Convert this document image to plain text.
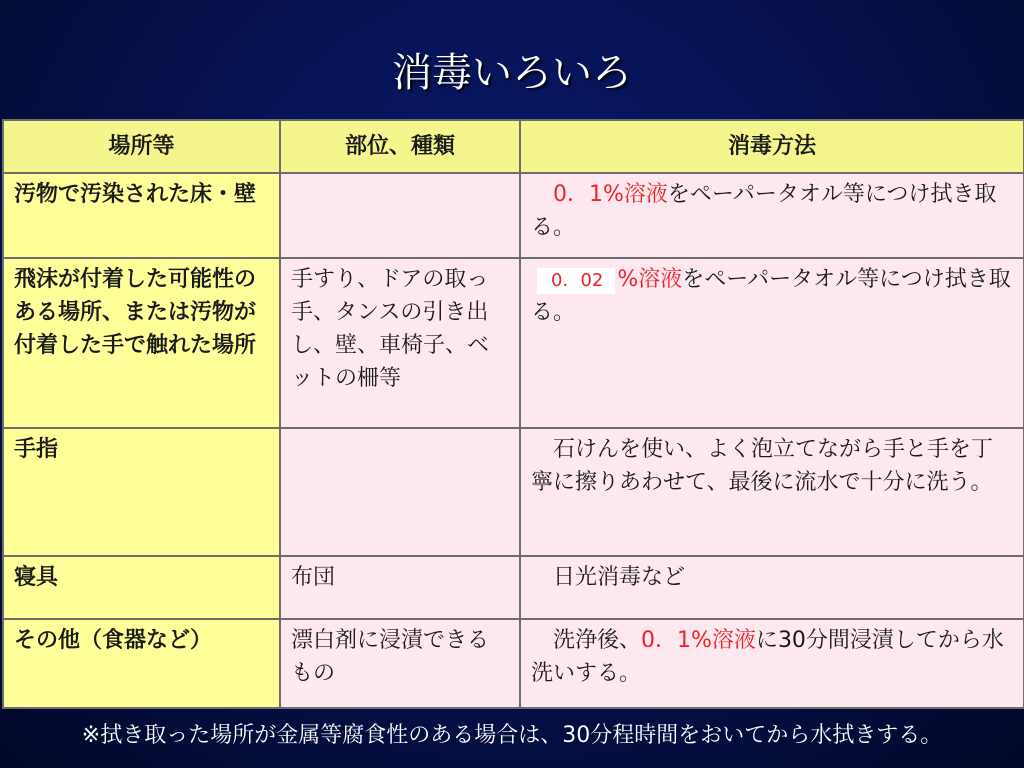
消毒いろいろ
場所等	部位、種類	消毒方法
汚物で汚染された床・壁		　0．1%溶液をペーパータオル等につけ拭き取る。
飛沫が付着した可能性のある場所、または汚物が付着した手で触れた場所	手すり、ドアの取っ手、タンスの引き出し、壁、車椅子、ベットの柵等	0．02 %溶液をペーパータオル等につけ拭き取る。
手指		　石けんを使い、よく泡立てながら手と手を丁寧に擦りあわせて、最後に流水で十分に洗う。
寝具	布団	　日光消毒など
その他（食器など）	漂白剤に浸漬できるもの	　洗浄後、0．1%溶液に30分間浸漬してから水洗いする。
※拭き取った場所が金属等腐食性のある場合は、30分程時間をおいてから水拭きする。
